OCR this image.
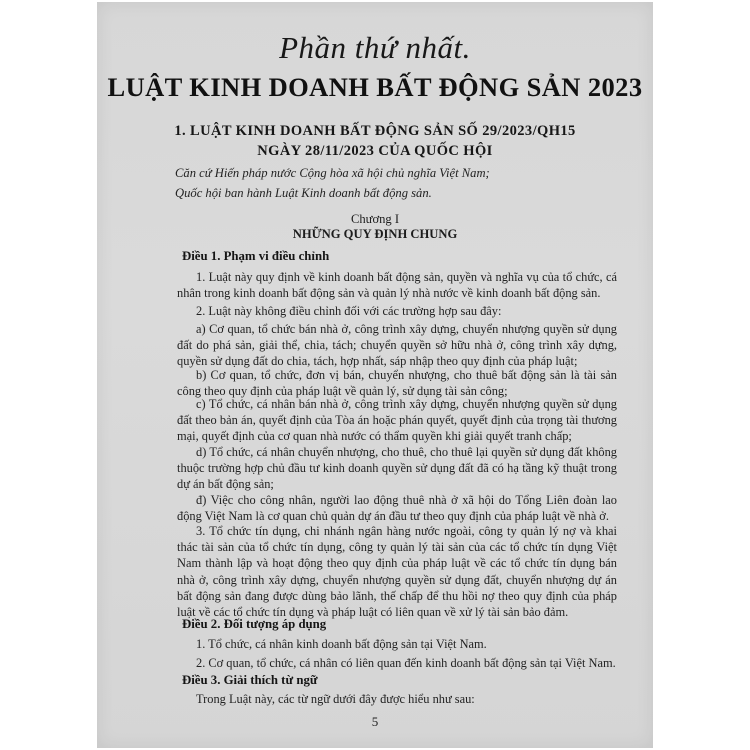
Phần thứ nhất.
LUẬT KINH DOANH BẤT ĐỘNG SẢN 2023
1. LUẬT KINH DOANH BẤT ĐỘNG SẢN SỐ 29/2023/QH15
NGÀY 28/11/2023 CỦA QUỐC HỘI
Căn cứ Hiến pháp nước Cộng hòa xã hội chủ nghĩa Việt Nam;
Quốc hội ban hành Luật Kinh doanh bất động sản.
Chương I
NHỮNG QUY ĐỊNH CHUNG
Điều 1. Phạm vi điều chỉnh
1. Luật này quy định về kinh doanh bất động sản, quyền và nghĩa vụ của tổ chức, cá nhân trong kinh doanh bất động sản và quản lý nhà nước về kinh doanh bất động sản.
2. Luật này không điều chỉnh đối với các trường hợp sau đây:
a) Cơ quan, tổ chức bán nhà ở, công trình xây dựng, chuyển nhượng quyền sử dụng đất do phá sản, giải thể, chia, tách; chuyển quyền sở hữu nhà ở, công trình xây dựng, quyền sử dụng đất do chia, tách, hợp nhất, sáp nhập theo quy định của pháp luật;
b) Cơ quan, tổ chức, đơn vị bán, chuyển nhượng, cho thuê bất động sản là tài sản công theo quy định của pháp luật về quản lý, sử dụng tài sản công;
c) Tổ chức, cá nhân bán nhà ở, công trình xây dựng, chuyển nhượng quyền sử dụng đất theo bản án, quyết định của Tòa án hoặc phán quyết, quyết định của trọng tài thương mại, quyết định của cơ quan nhà nước có thẩm quyền khi giải quyết tranh chấp;
d) Tổ chức, cá nhân chuyển nhượng, cho thuê, cho thuê lại quyền sử dụng đất không thuộc trường hợp chủ đầu tư kinh doanh quyền sử dụng đất đã có hạ tầng kỹ thuật trong dự án bất động sản;
đ) Việc cho công nhân, người lao động thuê nhà ở xã hội do Tổng Liên đoàn lao động Việt Nam là cơ quan chủ quản dự án đầu tư theo quy định của pháp luật về nhà ở.
3. Tổ chức tín dụng, chi nhánh ngân hàng nước ngoài, công ty quản lý nợ và khai thác tài sản của tổ chức tín dụng, công ty quản lý tài sản của các tổ chức tín dụng Việt Nam thành lập và hoạt động theo quy định của pháp luật về các tổ chức tín dụng bán nhà ở, công trình xây dựng, chuyển nhượng quyền sử dụng đất, chuyển nhượng dự án bất động sản đang được dùng bảo lãnh, thế chấp để thu hồi nợ theo quy định của pháp luật về các tổ chức tín dụng và pháp luật có liên quan về xử lý tài sản bảo đảm.
Điều 2. Đối tượng áp dụng
1. Tổ chức, cá nhân kinh doanh bất động sản tại Việt Nam.
2. Cơ quan, tổ chức, cá nhân có liên quan đến kinh doanh bất động sản tại Việt Nam.
Điều 3. Giải thích từ ngữ
Trong Luật này, các từ ngữ dưới đây được hiểu như sau:
5
